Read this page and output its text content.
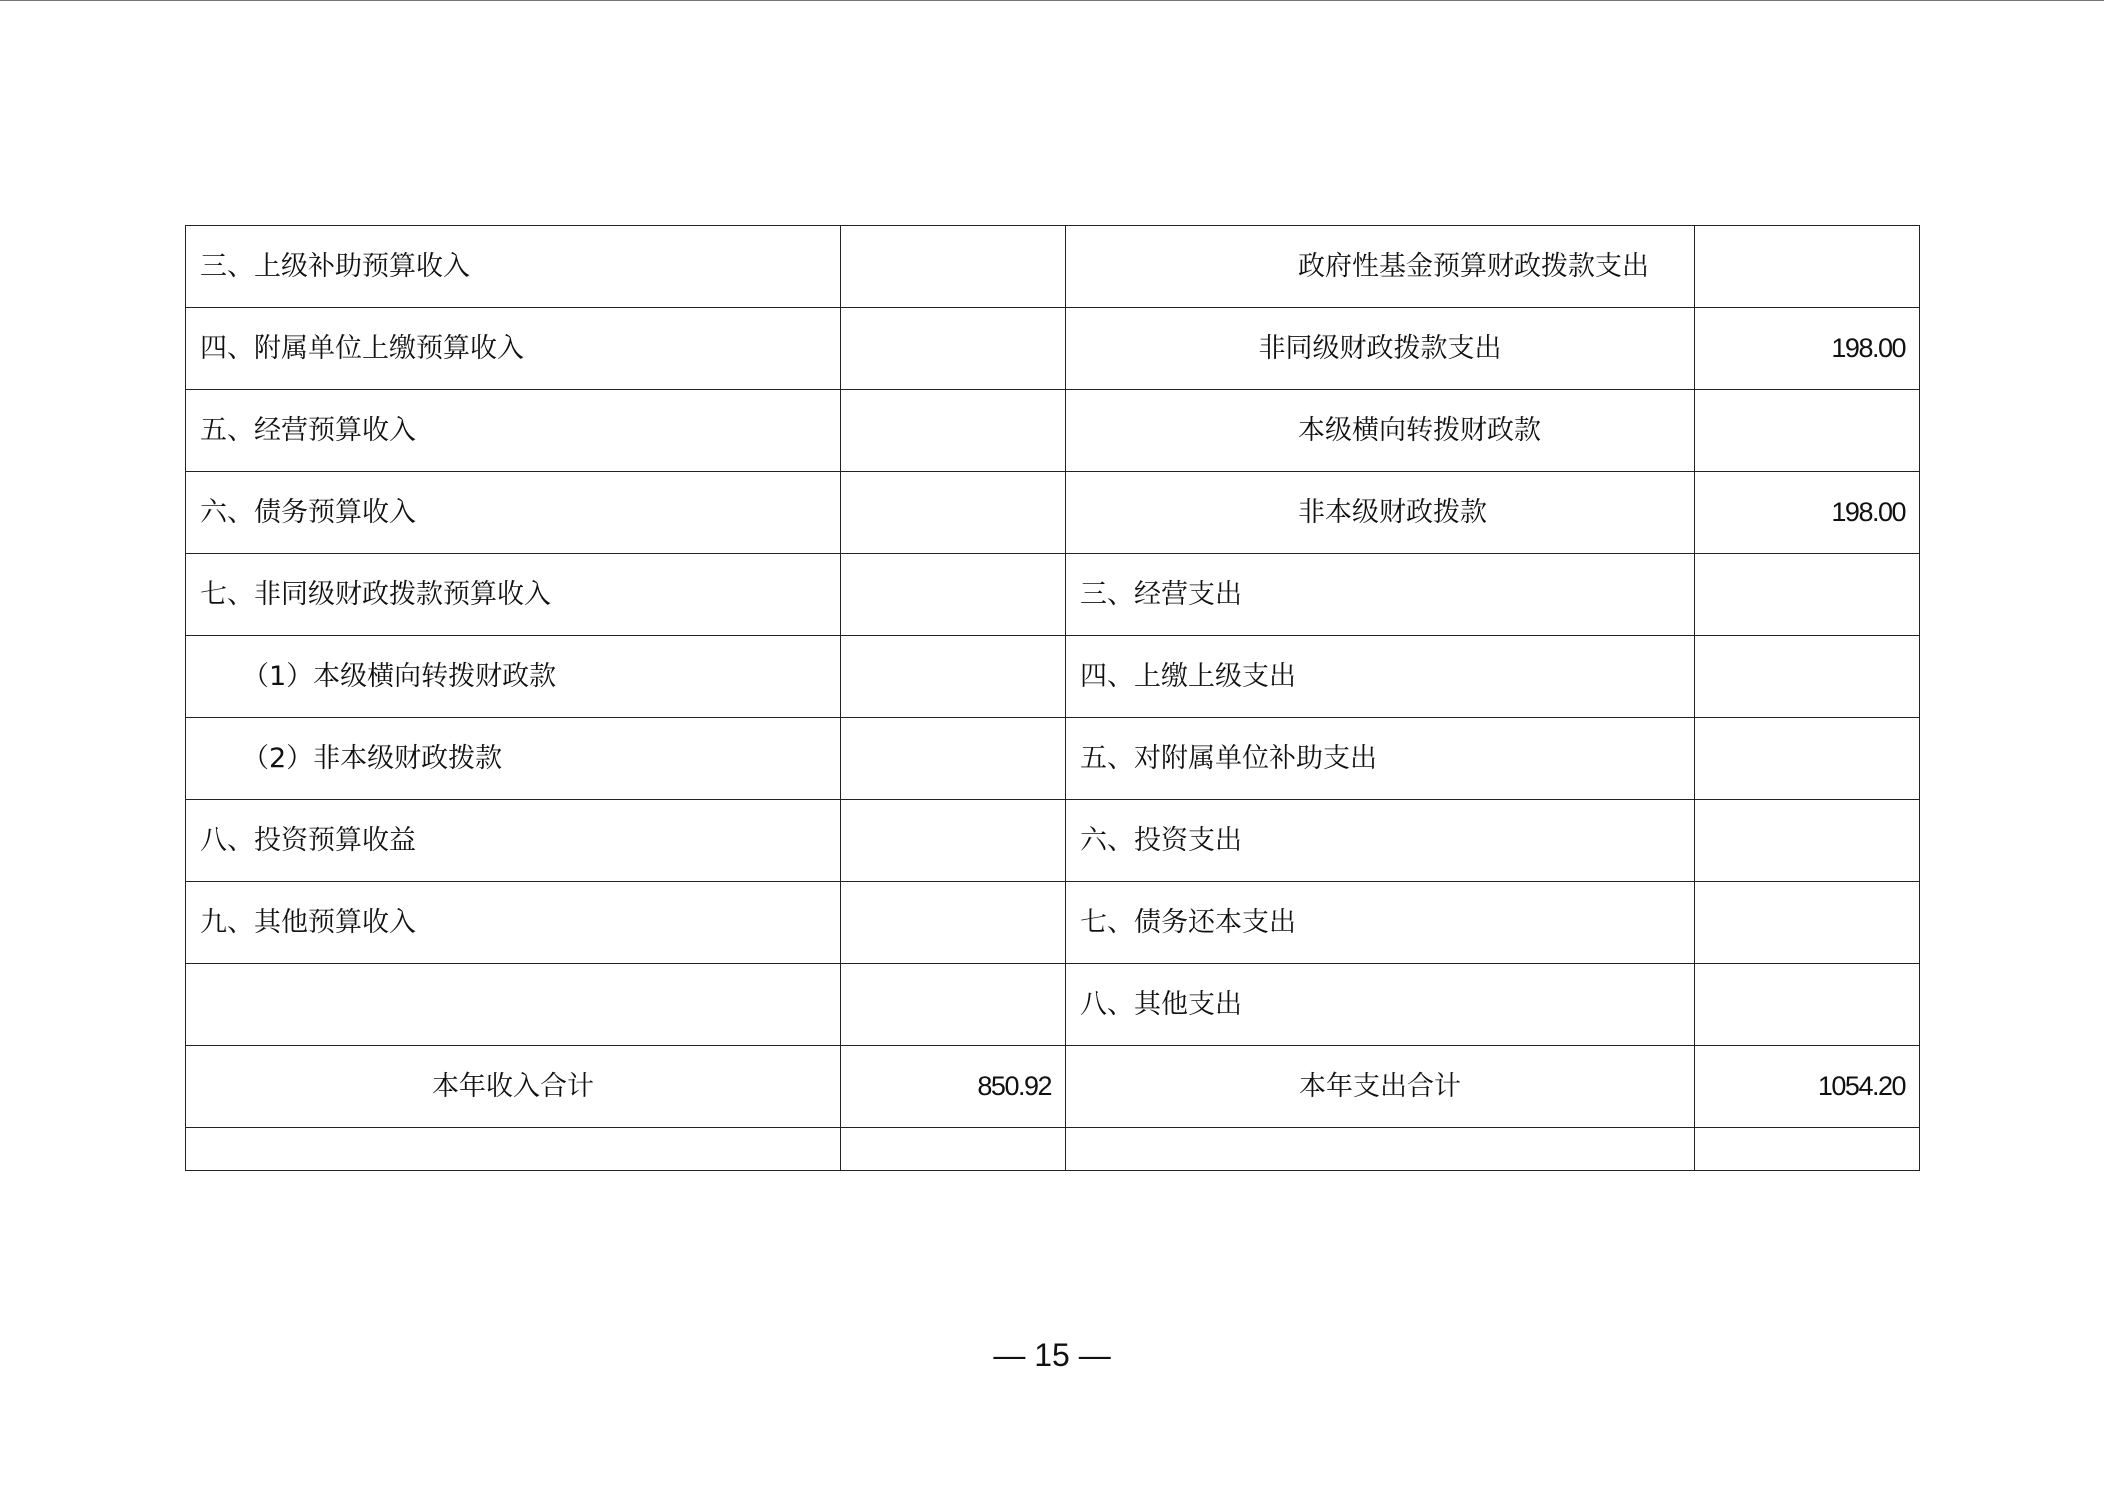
三、上级补助预算收入		政府性基金预算财政拨款支出	
四、附属单位上缴预算收入		非同级财政拨款支出	198.00
五、经营预算收入		本级横向转拨财政款	
六、债务预算收入		非本级财政拨款	198.00
七、非同级财政拨款预算收入		三、经营支出	
（1）本级横向转拨财政款		四、上缴上级支出	
（2）非本级财政拨款		五、对附属单位补助支出	
八、投资预算收益		六、投资支出	
九、其他预算收入		七、债务还本支出	
		八、其他支出	
本年收入合计	850.92	本年支出合计	1054.20

— 15 —
